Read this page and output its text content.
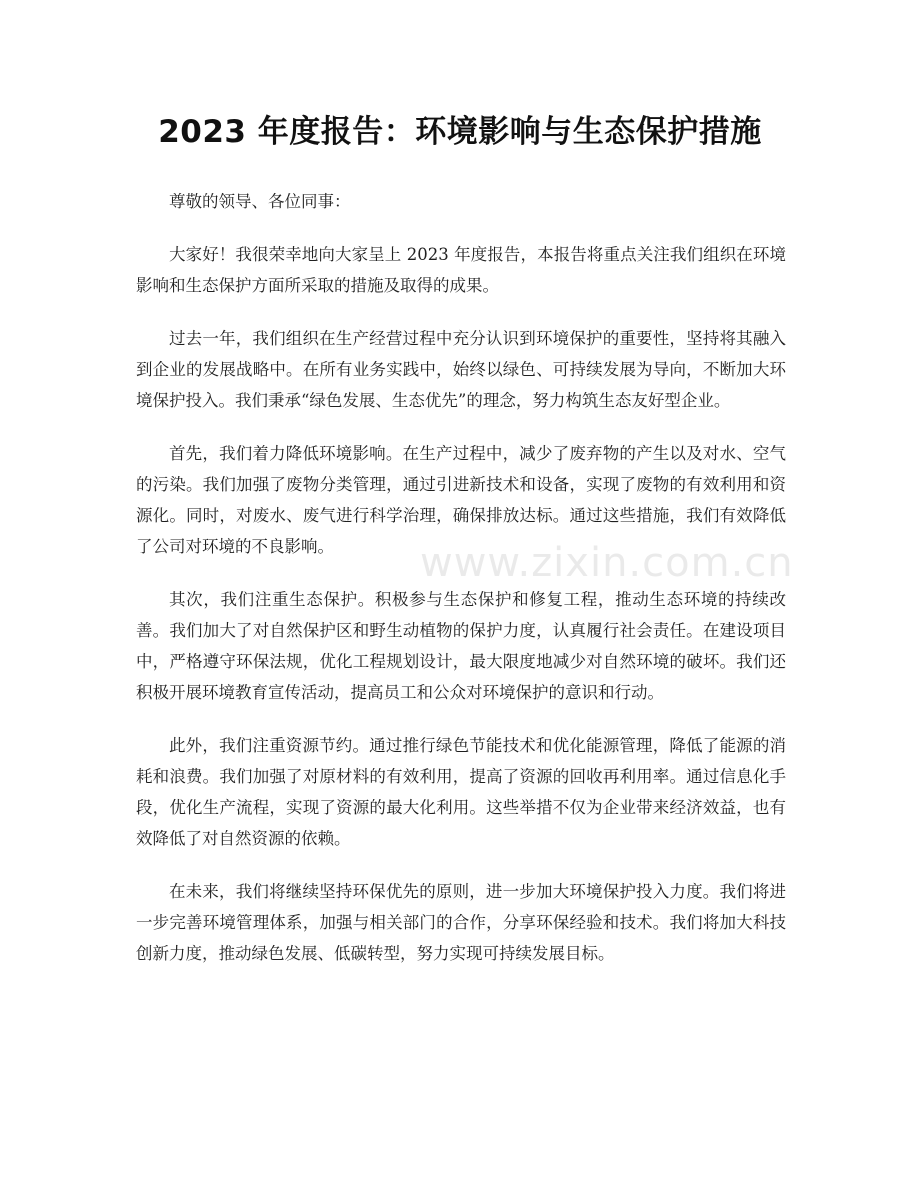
2023 年度报告：环境影响与生态保护措施

尊敬的领导、各位同事：

大家好！我很荣幸地向大家呈上 2023 年度报告，本报告将重点关注我们组织在环境影响和生态保护方面所采取的措施及取得的成果。

过去一年，我们组织在生产经营过程中充分认识到环境保护的重要性，坚持将其融入到企业的发展战略中。在所有业务实践中，始终以绿色、可持续发展为导向，不断加大环境保护投入。我们秉承“绿色发展、生态优先”的理念，努力构筑生态友好型企业。

首先，我们着力降低环境影响。在生产过程中，减少了废弃物的产生以及对水、空气的污染。我们加强了废物分类管理，通过引进新技术和设备，实现了废物的有效利用和资源化。同时，对废水、废气进行科学治理，确保排放达标。通过这些措施，我们有效降低了公司对环境的不良影响。

其次，我们注重生态保护。积极参与生态保护和修复工程，推动生态环境的持续改善。我们加大了对自然保护区和野生动植物的保护力度，认真履行社会责任。在建设项目中，严格遵守环保法规，优化工程规划设计，最大限度地减少对自然环境的破坏。我们还积极开展环境教育宣传活动，提高员工和公众对环境保护的意识和行动。

此外，我们注重资源节约。通过推行绿色节能技术和优化能源管理，降低了能源的消耗和浪费。我们加强了对原材料的有效利用，提高了资源的回收再利用率。通过信息化手段，优化生产流程，实现了资源的最大化利用。这些举措不仅为企业带来经济效益，也有效降低了对自然资源的依赖。

在未来，我们将继续坚持环保优先的原则，进一步加大环境保护投入力度。我们将进一步完善环境管理体系，加强与相关部门的合作，分享环保经验和技术。我们将加大科技创新力度，推动绿色发展、低碳转型，努力实现可持续发展目标。

www.zixin.com.cn
